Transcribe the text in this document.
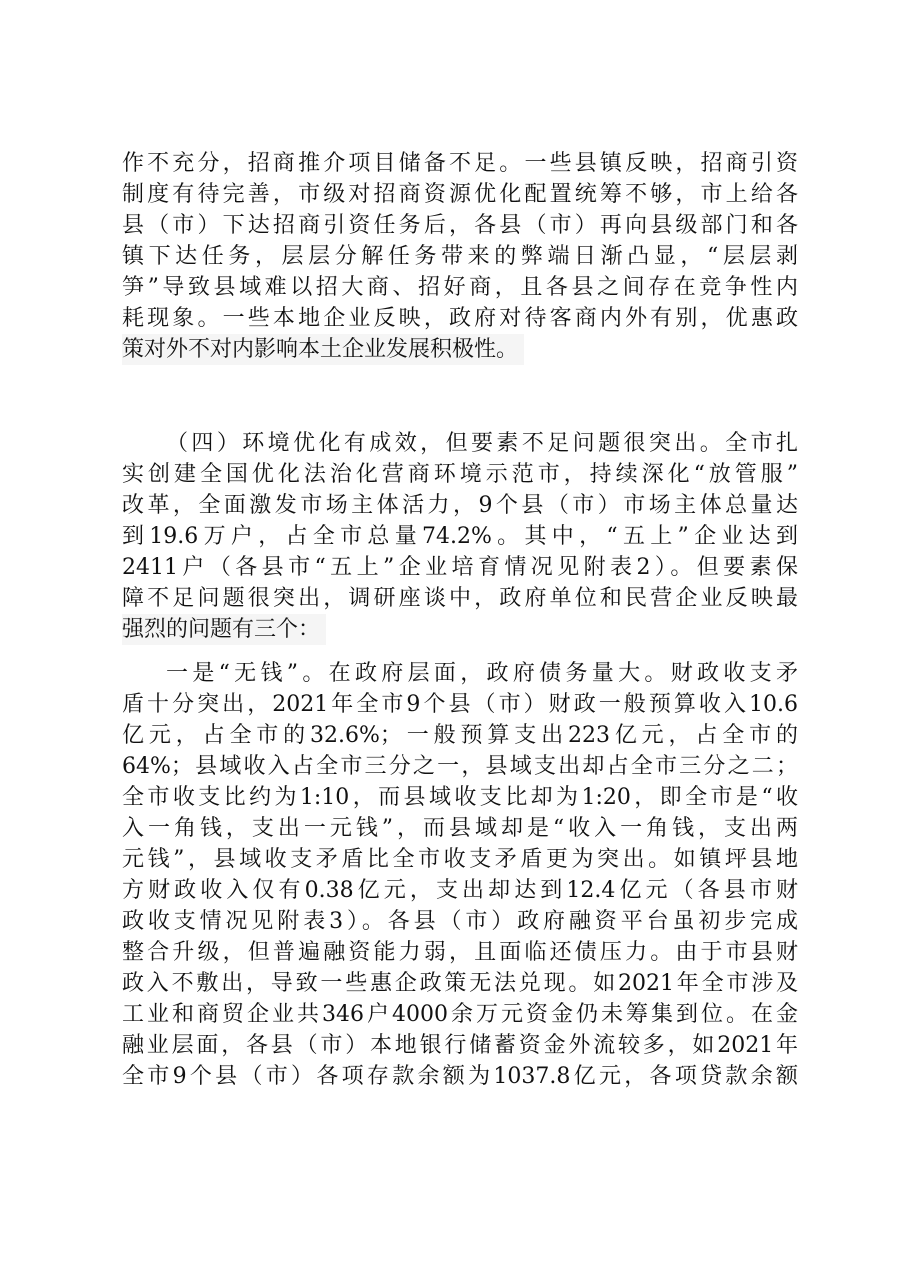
作不充分，招商推介项目储备不足。一些县镇反映，招商引资
制度有待完善，市级对招商资源优化配置统筹不够，市上给各
县（市）下达招商引资任务后，各县（市）再向县级部门和各
镇下达任务，层层分解任务带来的弊端日渐凸显，“层层剥
笋”导致县域难以招大商、招好商，且各县之间存在竞争性内
耗现象。一些本地企业反映，政府对待客商内外有别，优惠政
策对外不对内影响本土企业发展积极性。
（四）环境优化有成效，但要素不足问题很突出。全市扎
实创建全国优化法治化营商环境示范市，持续深化“放管服”
改革，全面激发市场主体活力，9个县（市）市场主体总量达
到19.6万户，占全市总量74.2%。其中，“五上”企业达到
2411户（各县市“五上”企业培育情况见附表2）。但要素保
障不足问题很突出，调研座谈中，政府单位和民营企业反映最
强烈的问题有三个：
一是“无钱”。在政府层面，政府债务量大。财政收支矛
盾十分突出，2021年全市9个县（市）财政一般预算收入10.6
亿元，占全市的32.6%；一般预算支出223亿元，占全市的
64%；县域收入占全市三分之一，县域支出却占全市三分之二；
全市收支比约为1:10，而县域收支比却为1:20，即全市是“收
入一角钱，支出一元钱”，而县域却是“收入一角钱，支出两
元钱”，县域收支矛盾比全市收支矛盾更为突出。如镇坪县地
方财政收入仅有0.38亿元，支出却达到12.4亿元（各县市财
政收支情况见附表3）。各县（市）政府融资平台虽初步完成
整合升级，但普遍融资能力弱，且面临还债压力。由于市县财
政入不敷出，导致一些惠企政策无法兑现。如2021年全市涉及
工业和商贸企业共346户4000余万元资金仍未筹集到位。在金
融业层面，各县（市）本地银行储蓄资金外流较多，如2021年
全市9个县（市）各项存款余额为1037.8亿元，各项贷款余额
